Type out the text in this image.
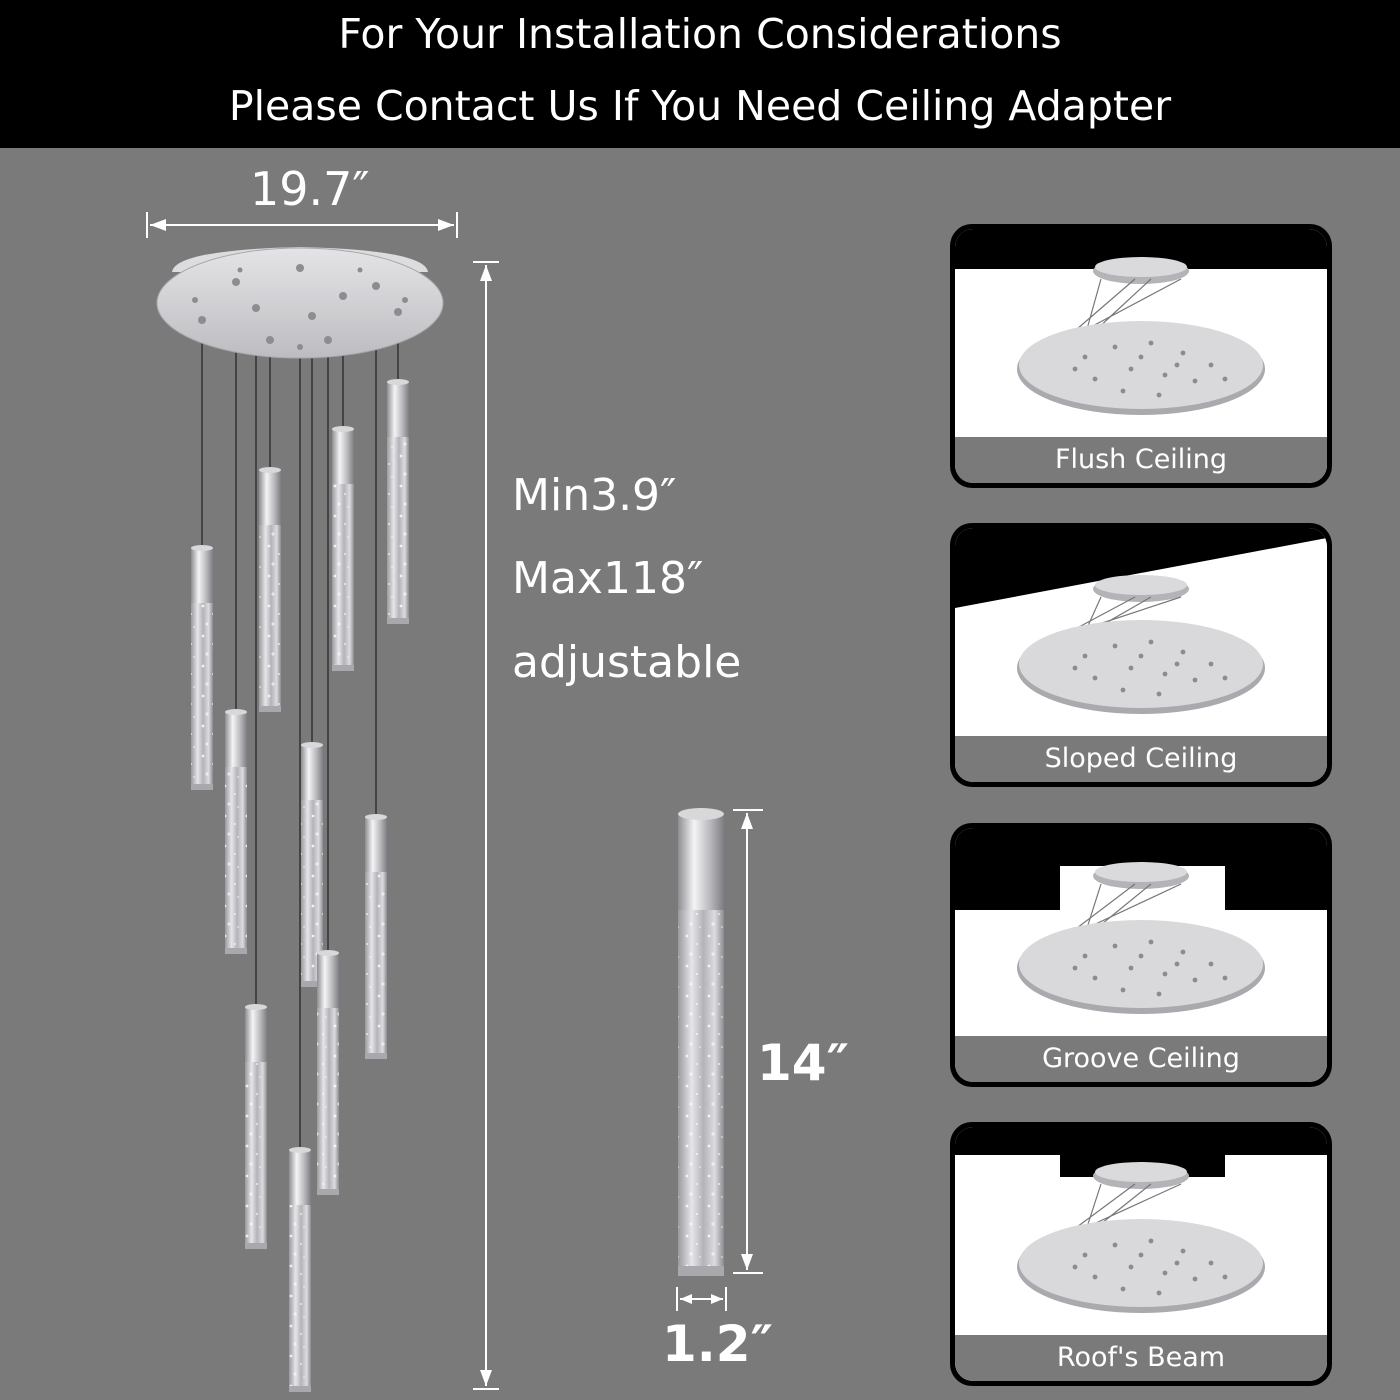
For Your Installation Considerations
Please Contact Us If You Need Ceiling Adapter
19.7″
Min3.9″
Max118″
adjustable
14″
1.2″
Flush Ceiling
Sloped Ceiling
Groove Ceiling
Roof's Beam
